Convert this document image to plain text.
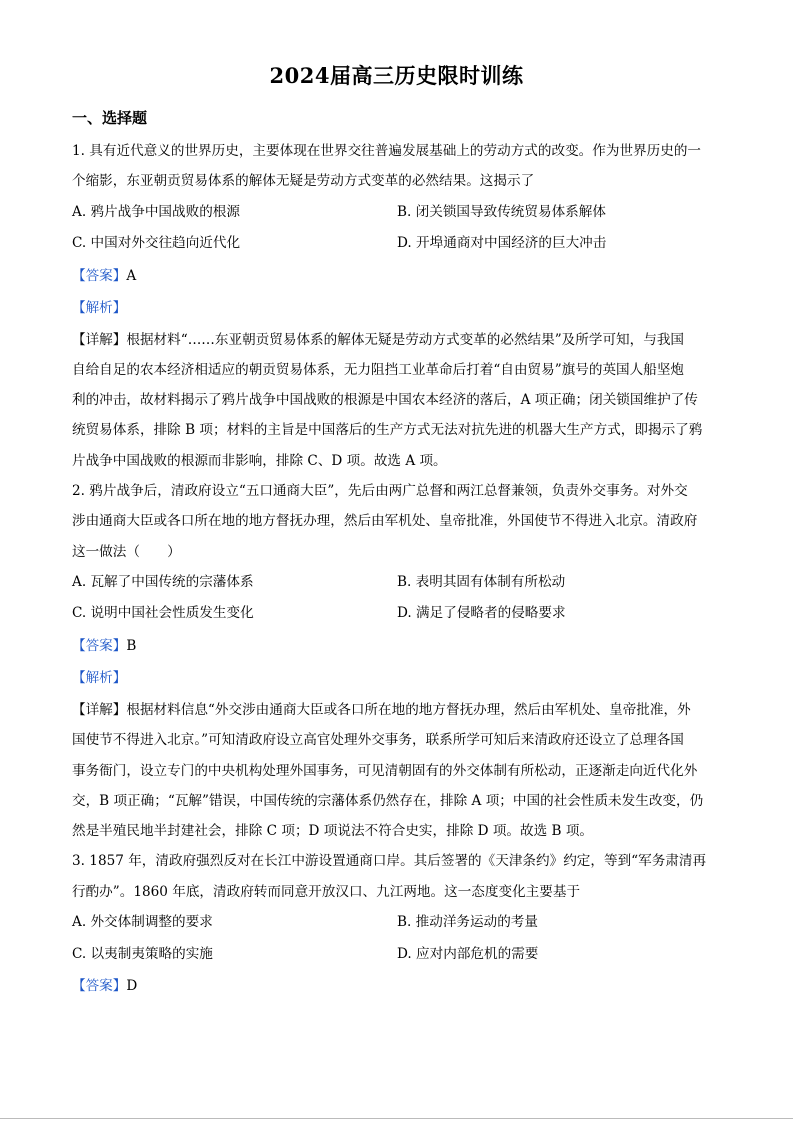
2024届高三历史限时训练
一、选择题

1. 具有近代意义的世界历史，主要体现在世界交往普遍发展基础上的劳动方式的改变。作为世界历史的一

个缩影，东亚朝贡贸易体系的解体无疑是劳动方式变革的必然结果。这揭示了

A. 鸦片战争中国战败的根源	B. 闭关锁国导致传统贸易体系解体
C. 中国对外交往趋向近代化	D. 开埠通商对中国经济的巨大冲击

【答案】A

【解析】

【详解】根据材料“……东亚朝贡贸易体系的解体无疑是劳动方式变革的必然结果”及所学可知，与我国

自给自足的农本经济相适应的朝贡贸易体系，无力阻挡工业革命后打着“自由贸易”旗号的英国人船坚炮

利的冲击，故材料揭示了鸦片战争中国战败的根源是中国农本经济的落后，A 项正确；闭关锁国维护了传

统贸易体系，排除 B 项；材料的主旨是中国落后的生产方式无法对抗先进的机器大生产方式，即揭示了鸦

片战争中国战败的根源而非影响，排除 C、D 项。故选 A 项。

2. 鸦片战争后，清政府设立“五口通商大臣”，先后由两广总督和两江总督兼领，负责外交事务。对外交

涉由通商大臣或各口所在地的地方督抚办理，然后由军机处、皇帝批准，外国使节不得进入北京。清政府

这一做法（　　）

A. 瓦解了中国传统的宗藩体系	B. 表明其固有体制有所松动
C. 说明中国社会性质发生变化	D. 满足了侵略者的侵略要求

【答案】B

【解析】

【详解】根据材料信息“外交涉由通商大臣或各口所在地的地方督抚办理，然后由军机处、皇帝批准，外

国使节不得进入北京。”可知清政府设立高官处理外交事务，联系所学可知后来清政府还设立了总理各国

事务衙门，设立专门的中央机构处理外国事务，可见清朝固有的外交体制有所松动，正逐渐走向近代化外

交，B 项正确；“瓦解”错误，中国传统的宗藩体系仍然存在，排除 A 项；中国的社会性质未发生改变，仍

然是半殖民地半封建社会，排除 C 项；D 项说法不符合史实，排除 D 项。故选 B 项。

3. 1857 年，清政府强烈反对在长江中游设置通商口岸。其后签署的《天津条约》约定，等到“军务肃清再

行酌办”。1860 年底，清政府转而同意开放汉口、九江两地。这一态度变化主要基于

A. 外交体制调整的要求	B. 推动洋务运动的考量
C. 以夷制夷策略的实施	D. 应对内部危机的需要

【答案】D
